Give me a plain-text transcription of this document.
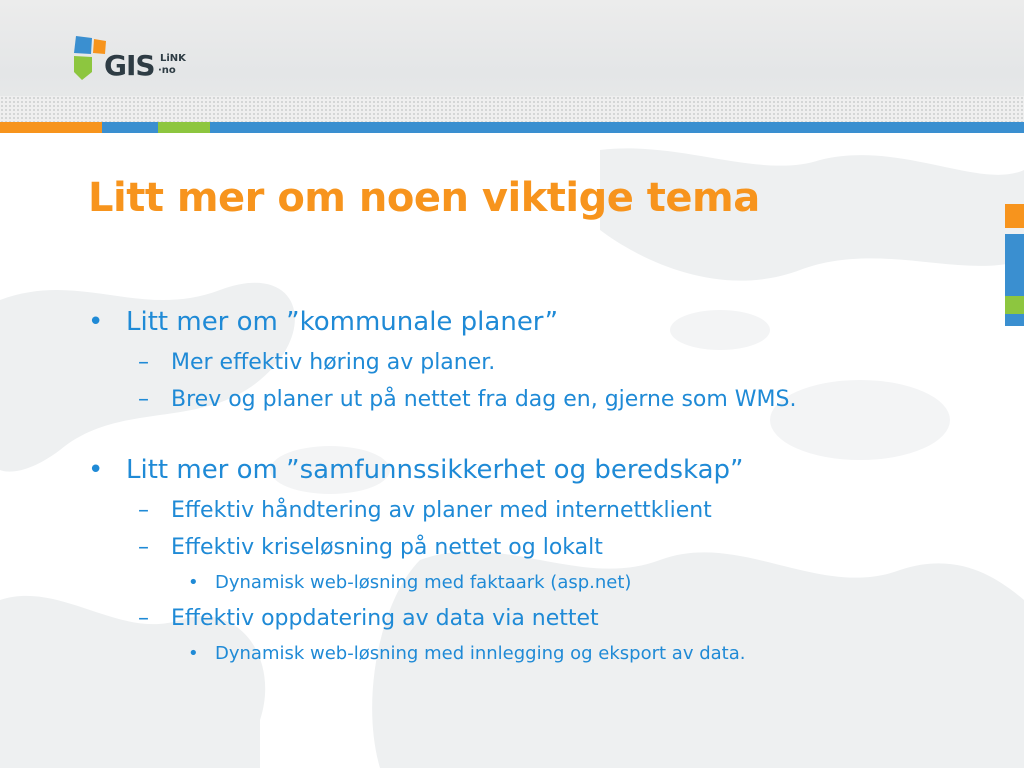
GIS LiNK
·no
Litt mer om noen viktige tema
• Litt mer om ”kommunale planer”
– Mer effektiv høring av planer.
– Brev og planer ut på nettet fra dag en, gjerne som WMS.
• Litt mer om ”samfunnssikkerhet og beredskap”
– Effektiv håndtering av planer med internettklient
– Effektiv kriseløsning på nettet og lokalt
• Dynamisk web-løsning med faktaark (asp.net)
– Effektiv oppdatering av data via nettet
• Dynamisk web-løsning med innlegging og eksport av data.
